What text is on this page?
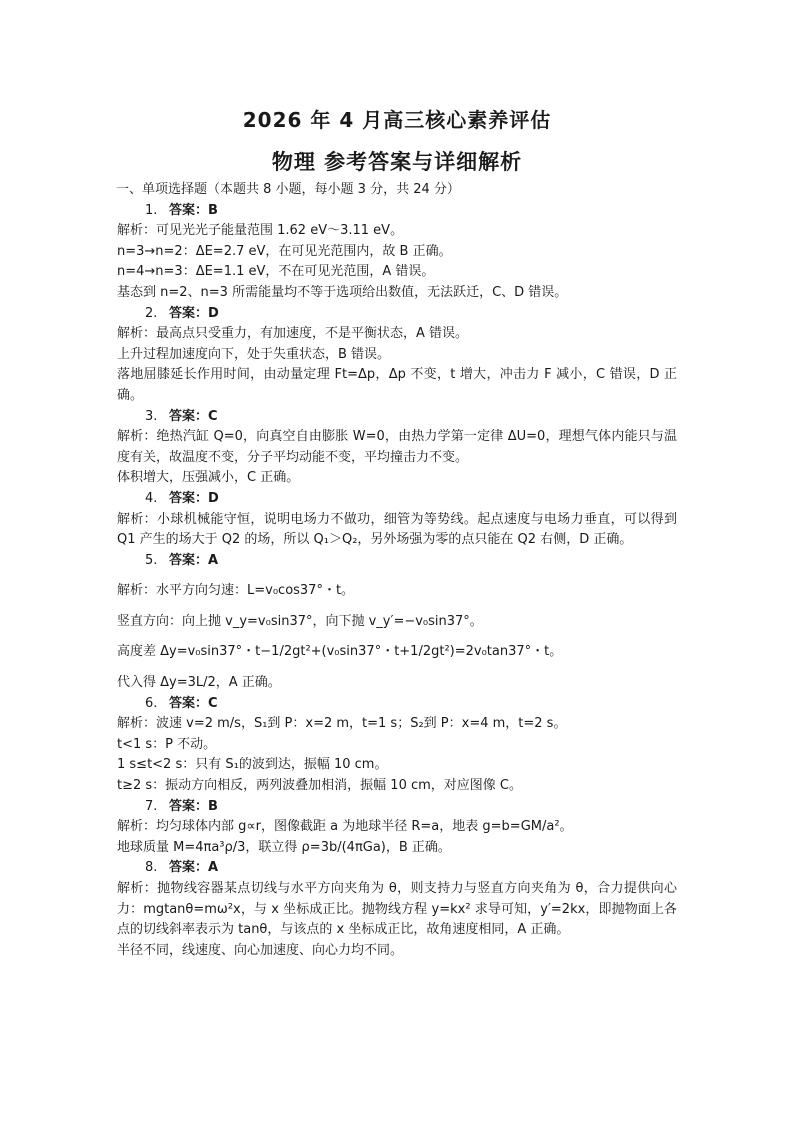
2026 年 4 月高三核心素养评估
物理 参考答案与详细解析

一、单项选择题（本题共 8 小题，每小题 3 分，共 24 分）

1. 答案：B

解析：可见光光子能量范围 1.62 eV～3.11 eV。

n=3→n=2：ΔE=2.7 eV，在可见光范围内，故 B 正确。

n=4→n=3：ΔE=1.1 eV，不在可见光范围，A 错误。

基态到 n=2、n=3 所需能量均不等于选项给出数值，无法跃迁，C、D 错误。

2. 答案：D

解析：最高点只受重力，有加速度，不是平衡状态，A 错误。

上升过程加速度向下，处于失重状态，B 错误。

落地屈膝延长作用时间，由动量定理 Ft=Δp，Δp 不变，t 增大，冲击力 F 减小，C 错误，D 正确。

3. 答案：C

解析：绝热汽缸 Q=0，向真空自由膨胀 W=0，由热力学第一定律 ΔU=0，理想气体内能只与温度有关，故温度不变，分子平均动能不变，平均撞击力不变。

体积增大，压强减小，C 正确。

4. 答案：D

解析：小球机械能守恒，说明电场力不做功，细管为等势线。起点速度与电场力垂直，可以得到 Q1 产生的场大于 Q2 的场，所以 Q₁＞Q₂，另外场强为零的点只能在 Q2 右侧，D 正确。

5. 答案：A

解析：水平方向匀速：L=v₀cos37°・t。

竖直方向：向上抛 v_y=v₀sin37°，向下抛 v_y′=−v₀sin37°。

高度差 Δy=v₀sin37°・t−1/2gt²+(v₀sin37°・t+1/2gt²)=2v₀tan37°・t。

代入得 Δy=3L/2，A 正确。

6. 答案：C

解析：波速 v=2 m/s，S₁到 P：x=2 m，t=1 s；S₂到 P：x=4 m，t=2 s。

t<1 s：P 不动。

1 s≤t<2 s：只有 S₁的波到达，振幅 10 cm。

t≥2 s：振动方向相反，两列波叠加相消，振幅 10 cm，对应图像 C。

7. 答案：B

解析：均匀球体内部 g∝r，图像截距 a 为地球半径 R=a，地表 g=b=GM/a²。

地球质量 M=4πa³ρ/3，联立得 ρ=3b/(4πGa)，B 正确。

8. 答案：A

解析：抛物线容器某点切线与水平方向夹角为 θ，则支持力与竖直方向夹角为 θ，合力提供向心力：mgtanθ=mω²x，与 x 坐标成正比。抛物线方程 y=kx² 求导可知，y′=2kx，即抛物面上各点的切线斜率表示为 tanθ，与该点的 x 坐标成正比，故角速度相同，A 正确。

半径不同，线速度、向心加速度、向心力均不同。
